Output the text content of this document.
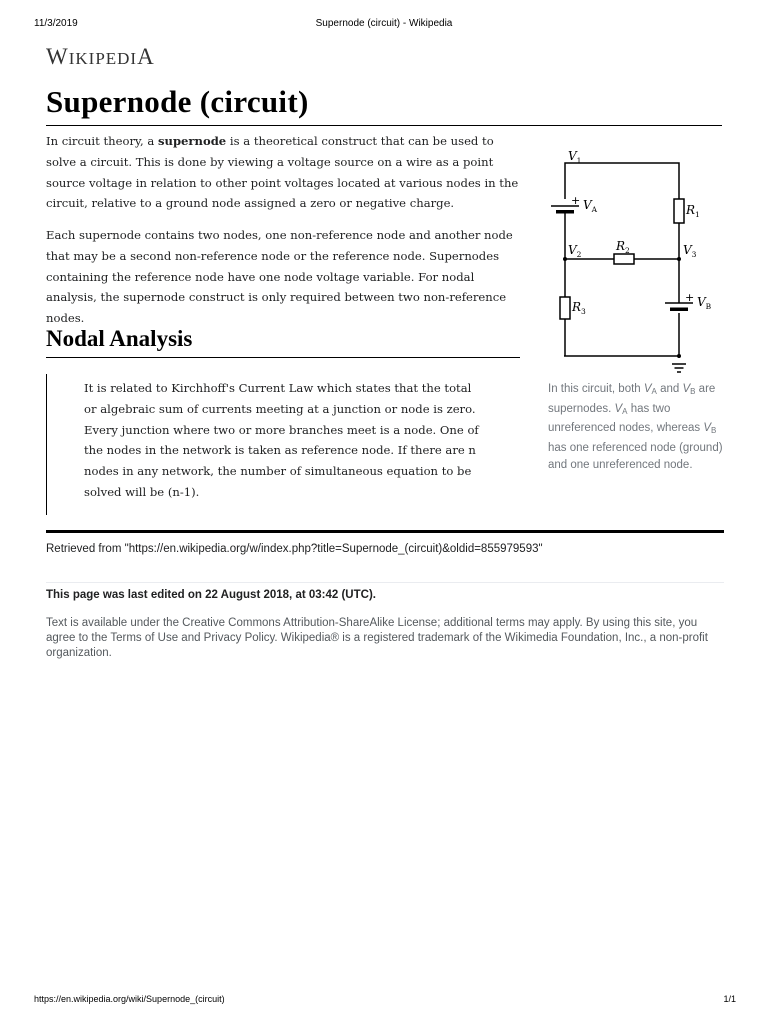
11/3/2019	Supernode (circuit) - Wikipedia
WIKIPEDIA
Supernode (circuit)

In circuit theory, a supernode is a theoretical construct that can be used to solve a circuit. This is done by viewing a voltage source on a wire as a point source voltage in relation to other point voltages located at various nodes in the circuit, relative to a ground node assigned a zero or negative charge.

Each supernode contains two nodes, one non-reference node and another node that may be a second non-reference node or the reference node. Supernodes containing the reference node have one node voltage variable. For nodal analysis, the supernode construct is only required between two non-reference nodes.

Nodal Analysis

It is related to Kirchhoff's Current Law which states that the total or algebraic sum of currents meeting at a junction or node is zero. Every junction where two or more branches meet is a node. One of the nodes in the network is taken as reference node. If there are n nodes in any network, the number of simultaneous equation to be solved will be (n-1).

$V_1$
$V_2$	$V_3$
$V_A$
$V_B$
$R_1$
$R_2$
$R_3$
+
+

In this circuit, both $V_A$ and $V_B$ are supernodes. $V_A$ has two unreferenced nodes, whereas $V_B$ has one referenced node (ground) and one unreferenced node.

Retrieved from "https://en.wikipedia.org/w/index.php?title=Supernode_(circuit)&oldid=855979593"
This page was last edited on 22 August 2018, at 03:42 (UTC).

Text is available under the Creative Commons Attribution-ShareAlike License; additional terms may apply. By using this site, you agree to the Terms of Use and Privacy Policy. Wikipedia® is a registered trademark of the Wikimedia Foundation, Inc., a non-profit organization.

https://en.wikipedia.org/wiki/Supernode_(circuit)	1/1
